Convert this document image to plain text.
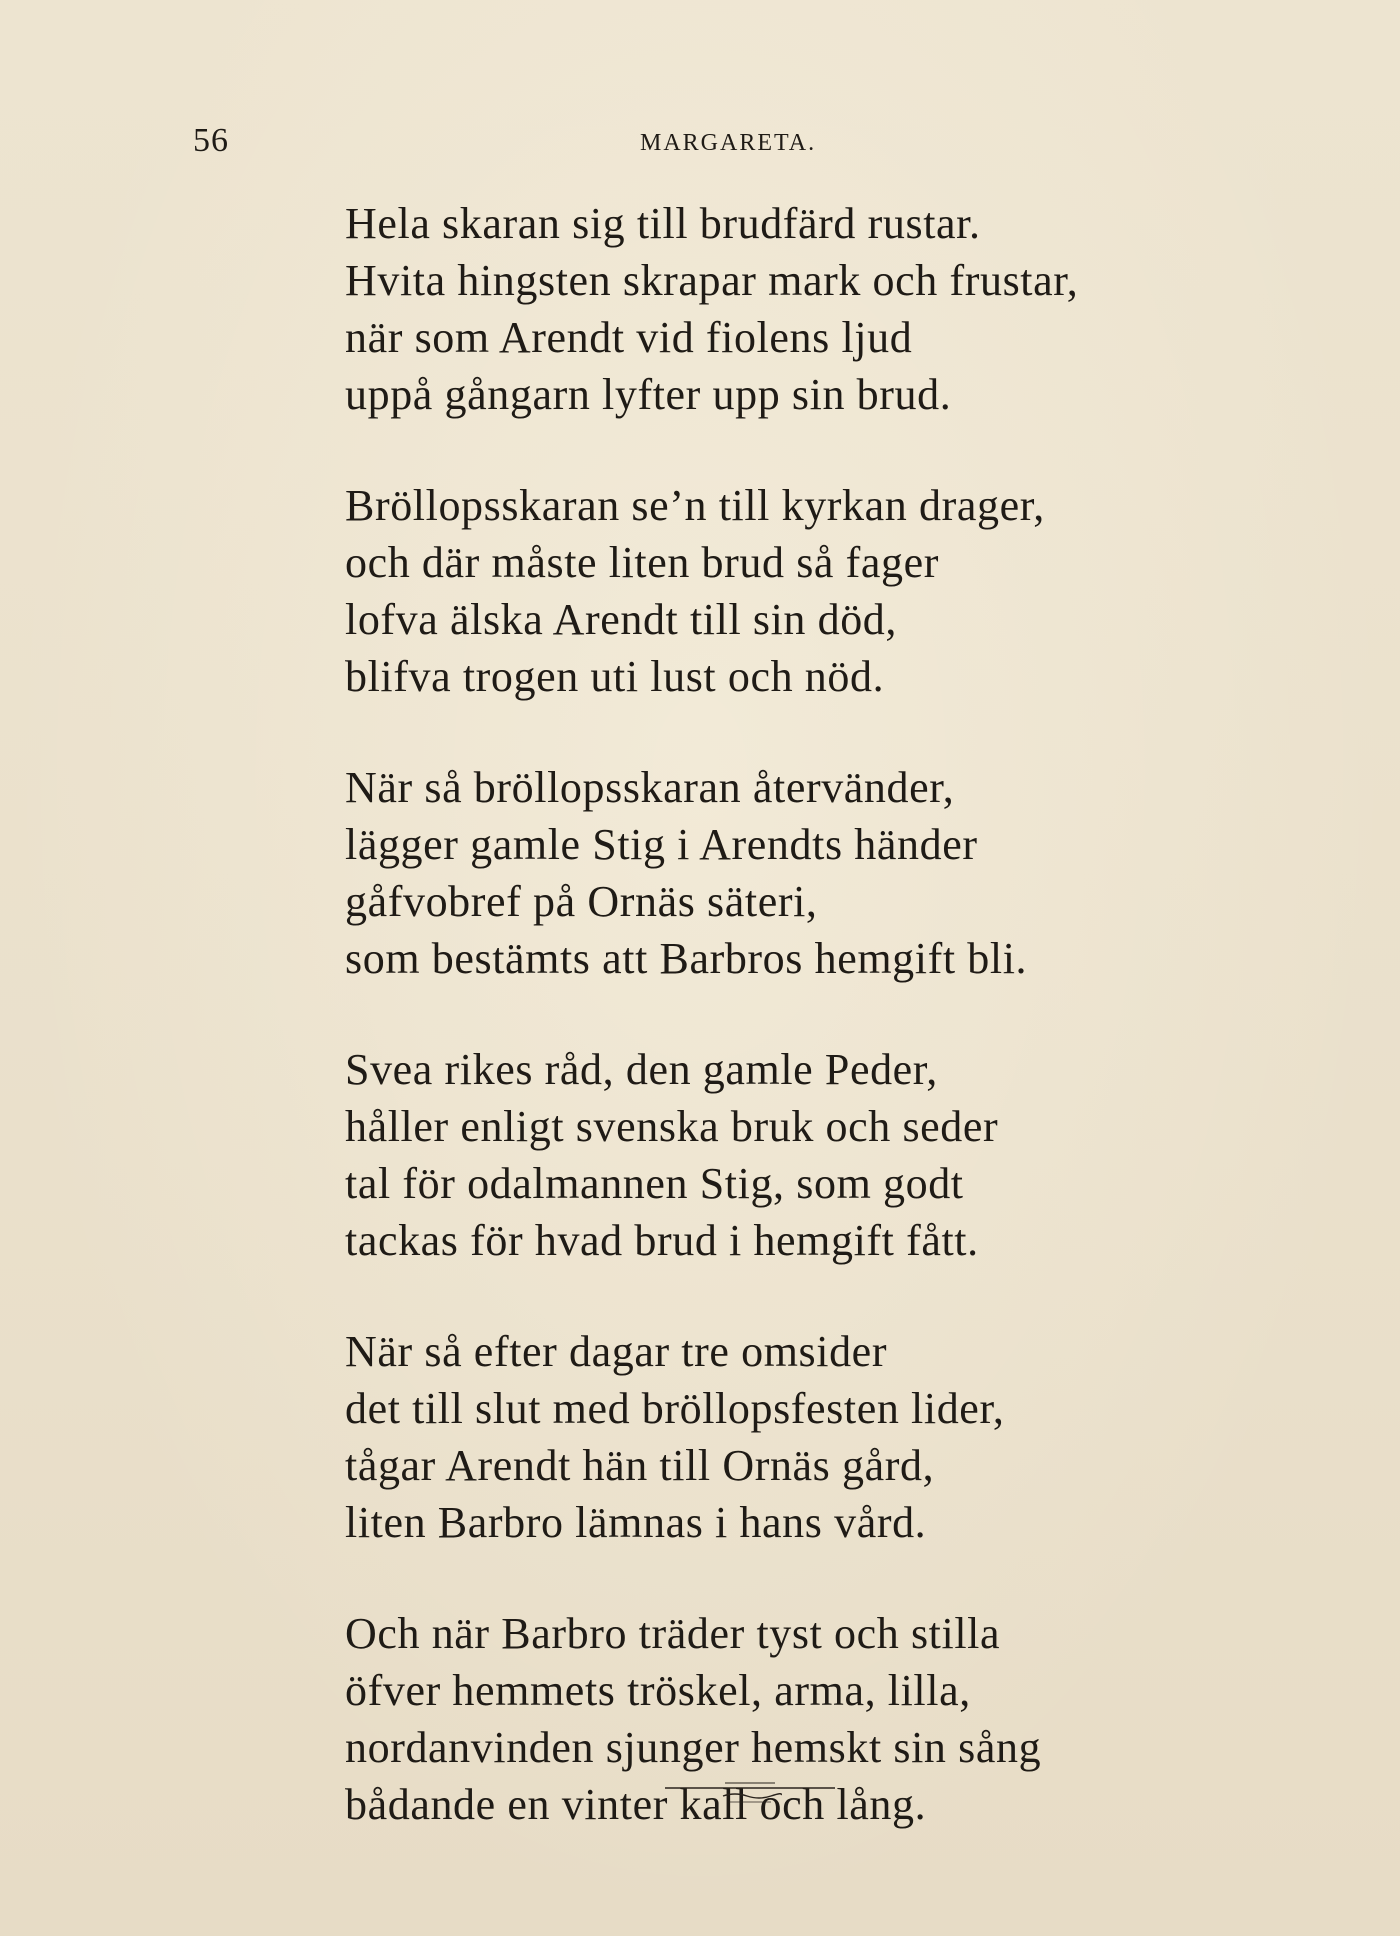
56	MARGARETA.
Hela skaran sig till brudfärd rustar.
Hvita hingsten skrapar mark och frustar,
när som Arendt vid fiolens ljud
uppå gångarn lyfter upp sin brud.
Bröllopsskaran se’n till kyrkan drager,
och där måste liten brud så fager
lofva älska Arendt till sin död,
blifva trogen uti lust och nöd.
När så bröllopsskaran återvänder,
lägger gamle Stig i Arendts händer
gåfvobref på Ornäs säteri,
som bestämts att Barbros hemgift bli.
Svea rikes råd, den gamle Peder,
håller enligt svenska bruk och seder
tal för odalmannen Stig, som godt
tackas för hvad brud i hemgift fått.
När så efter dagar tre omsider
det till slut med bröllopsfesten lider,
tågar Arendt hän till Ornäs gård,
liten Barbro lämnas i hans vård.
Och när Barbro träder tyst och stilla
öfver hemmets tröskel, arma, lilla,
nordanvinden sjunger hemskt sin sång
bådande en vinter kall och lång.
